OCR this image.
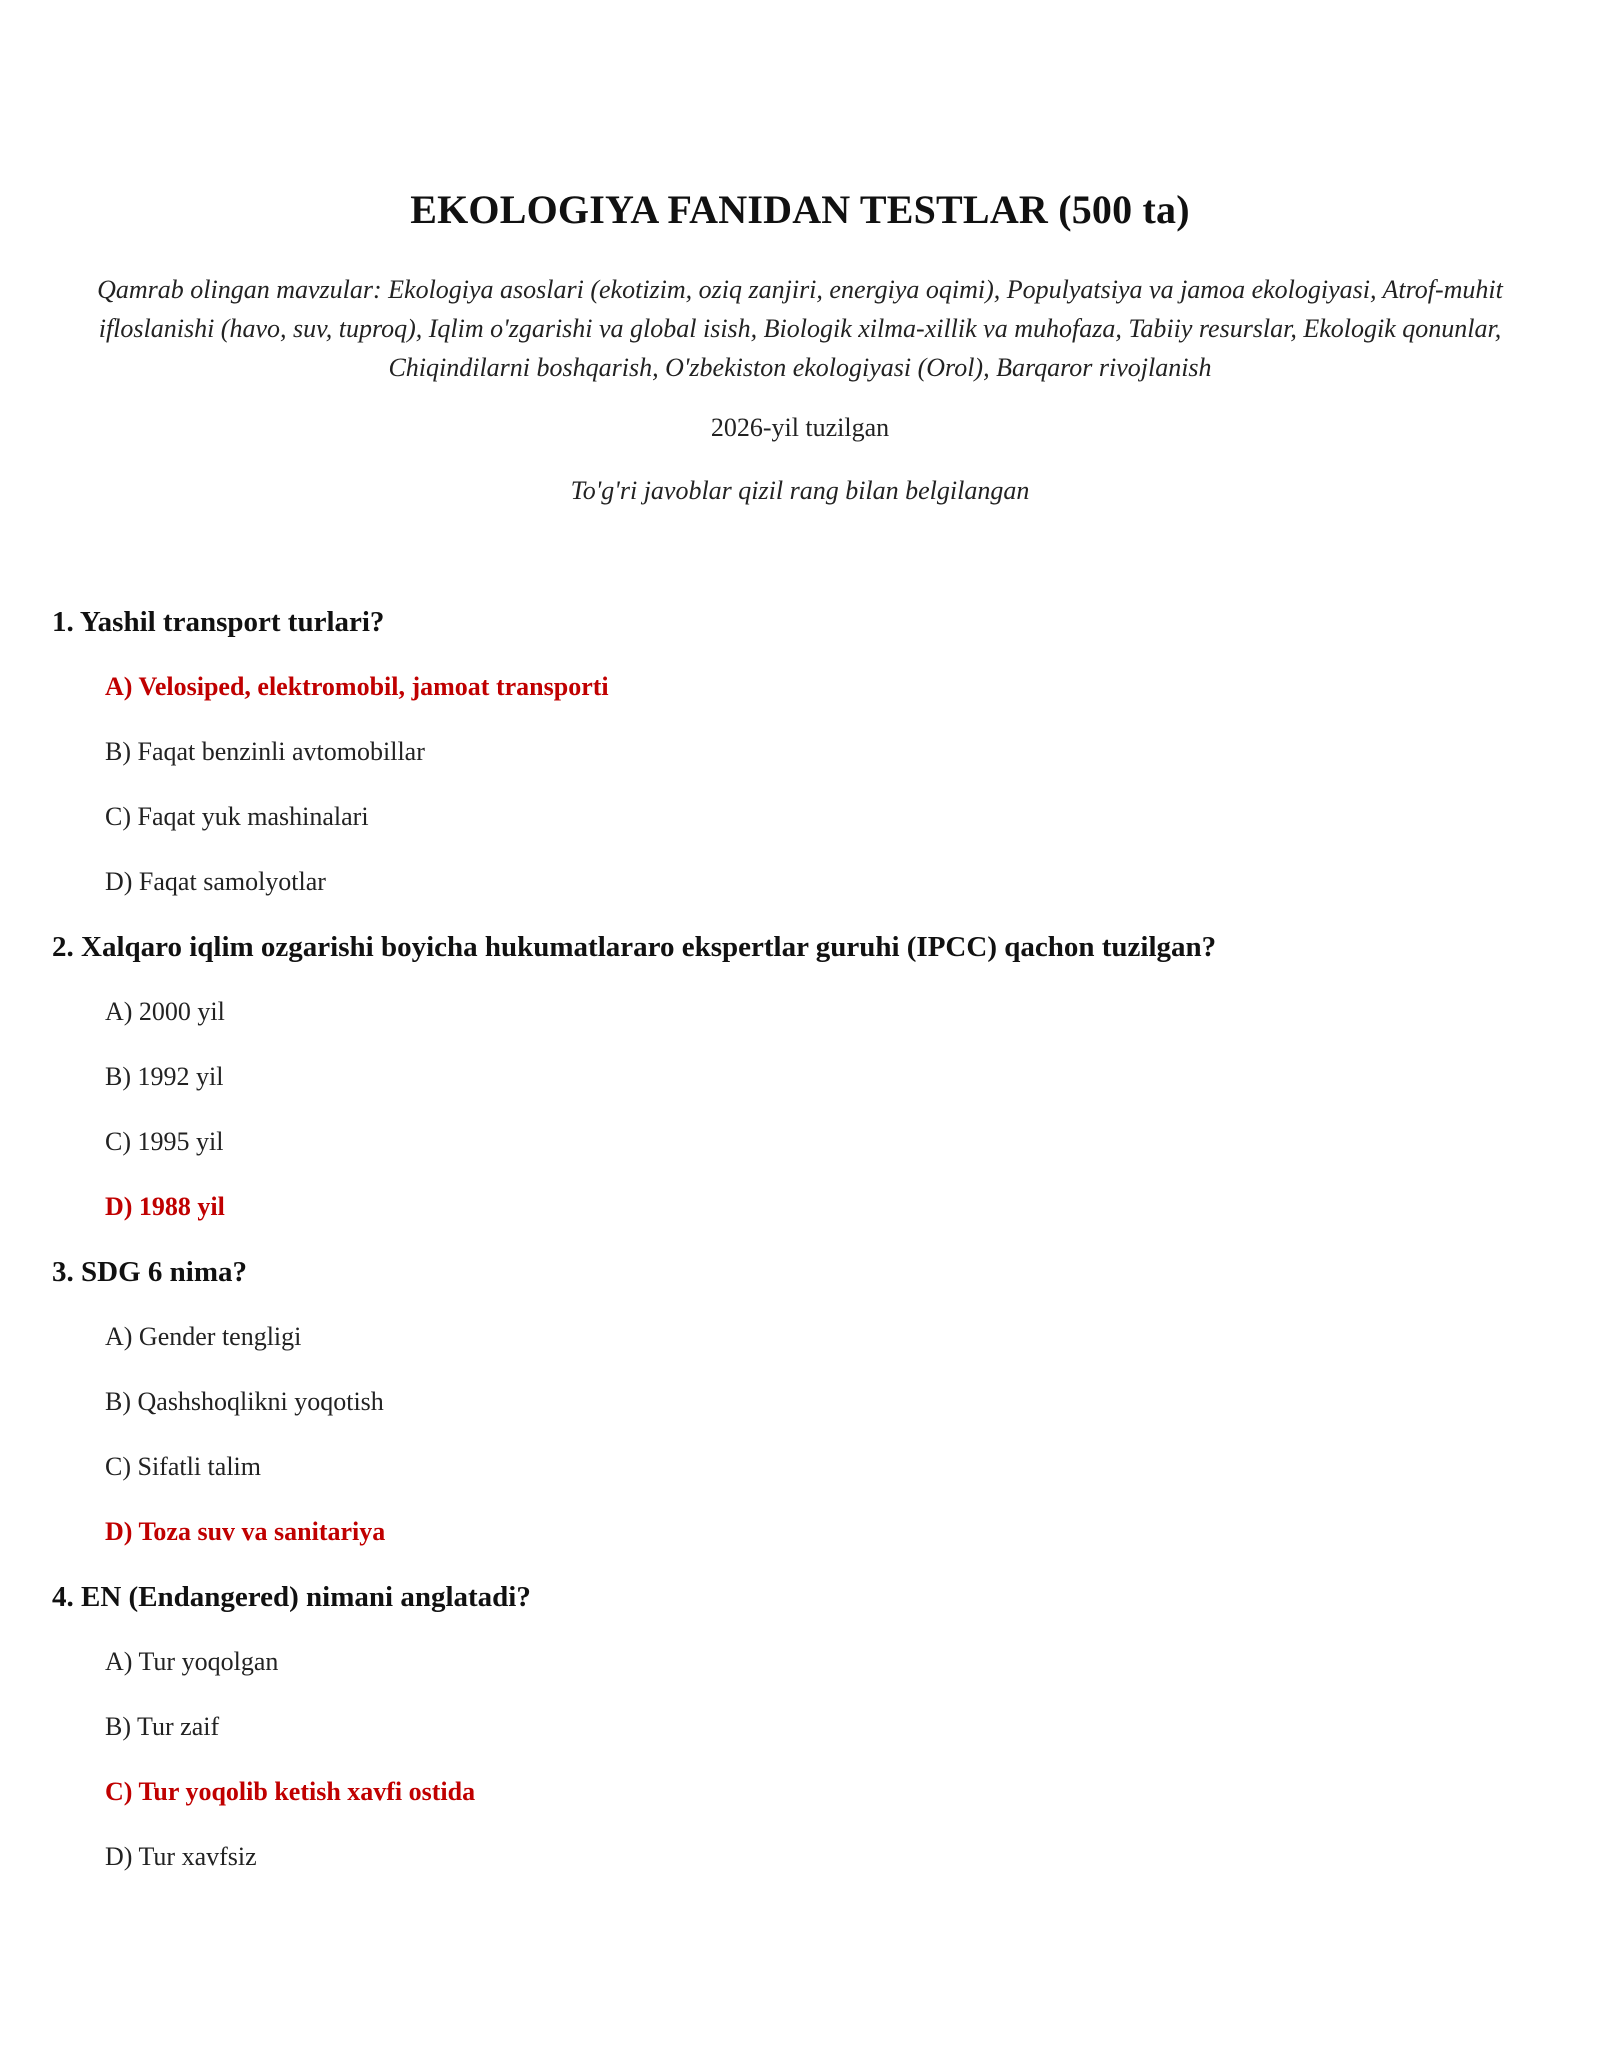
EKOLOGIYA FANIDAN TESTLAR (500 ta)
Qamrab olingan mavzular: Ekologiya asoslari (ekotizim, oziq zanjiri, energiya oqimi), Populyatsiya va jamoa ekologiyasi, Atrof-muhit ifloslanishi (havo, suv, tuproq), Iqlim o'zgarishi va global isish, Biologik xilma-xillik va muhofaza, Tabiiy resurslar, Ekologik qonunlar, Chiqindilarni boshqarish, O'zbekiston ekologiyasi (Orol), Barqaror rivojlanish
2026-yil tuzilgan
To'g'ri javoblar qizil rang bilan belgilangan
1. Yashil transport turlari?
A) Velosiped, elektromobil, jamoat transporti
B) Faqat benzinli avtomobillar
C) Faqat yuk mashinalari
D) Faqat samolyotlar
2. Xalqaro iqlim ozgarishi boyicha hukumatlararo ekspertlar guruhi (IPCC) qachon tuzilgan?
A) 2000 yil
B) 1992 yil
C) 1995 yil
D) 1988 yil
3. SDG 6 nima?
A) Gender tengligi
B) Qashshoqlikni yoqotish
C) Sifatli talim
D) Toza suv va sanitariya
4. EN (Endangered) nimani anglatadi?
A) Tur yoqolgan
B) Tur zaif
C) Tur yoqolib ketish xavfi ostida
D) Tur xavfsiz
